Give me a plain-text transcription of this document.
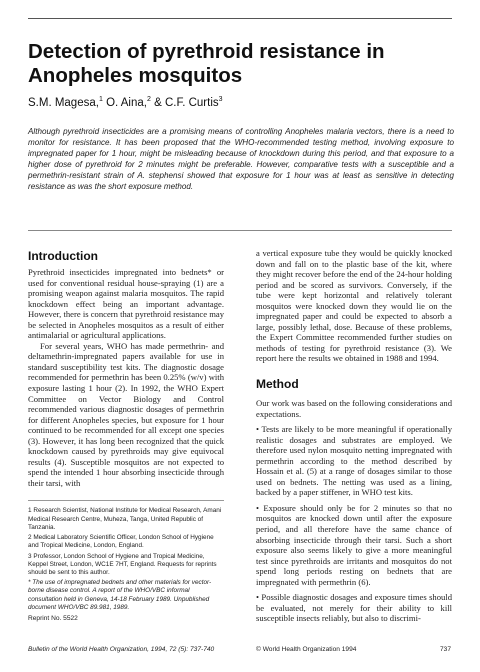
Detection of pyrethroid resistance in Anopheles mosquitos
S.M. Magesa,$^1$ O. Aina,$^2$ & C.F. Curtis$^3$
Although pyrethroid insecticides are a promising means of controlling Anopheles malaria vectors, there is a need to monitor for resistance. It has been proposed that the WHO-recommended testing method, involving exposure to impregnated paper for 1 hour, might be misleading because of knockdown during this period, and that exposure to a higher dose of pyrethroid for 2 minutes might be preferable. However, comparative tests with a susceptible and a permethrin-resistant strain of A. stephensi showed that exposure for 1 hour was at least as sensitive in detecting resistance as was the short exposure method.
Introduction

Pyrethroid insecticides impregnated into bednets* or used for conventional residual house-spraying (1) are a promising weapon against malaria mosquitos. The rapid knockdown effect being an important advantage. However, there is concern that pyrethroid resistance may be selected in Anopheles mosquitos as a result of either antimalarial or agricultural applications.

For several years, WHO has made permethrin- and deltamethrin-impregnated papers available for use in standard susceptibility test kits. The diagnostic dosage recommended for permethrin has been 0.25% (w/v) with exposure lasting 1 hour (2). In 1992, the WHO Expert Committee on Vector Biology and Control recommended various diagnostic dosages of permethrin for different Anopheles species, but exposure for 1 hour continued to be recommended for all except one species (3). However, it has long been recognized that the quick knockdown caused by pyrethroids may give equivocal results (4). Susceptible mosquitos are not expected to spend the intended 1 hour absorbing insecticide through their tarsi, with

1 Research Scientist, National Institute for Medical Research, Amani Medical Research Centre, Muheza, Tanga, United Republic of Tanzania.

2 Medical Laboratory Scientific Officer, London School of Hygiene and Tropical Medicine, London, England.

3 Professor, London School of Hygiene and Tropical Medicine, Keppel Street, London, WC1E 7HT, England. Requests for reprints should be sent to this author.

* The use of impregnated bednets and other materials for vector-borne disease control. A report of the WHO/VBC informal consultation held in Geneva, 14-18 February 1989. Unpublished document WHO/VBC 89.981, 1989.

Reprint No. 5522

a vertical exposure tube they would be quickly knocked down and fall on to the plastic base of the kit, where they might recover before the end of the 24-hour holding period and be scored as survivors. Conversely, if the tube were kept horizontal and relatively tolerant mosquitos were knocked down they would lie on the impregnated paper and could be expected to absorb a large, possibly lethal, dose. Because of these problems, the Expert Committee recommended further studies on methods of testing for pyrethroid resistance (3). We report here the results we obtained in 1988 and 1994.

Method

Our work was based on the following considerations and expectations.

• Tests are likely to be more meaningful if operationally realistic dosages and substrates are employed. We therefore used nylon mosquito netting impregnated with permethrin according to the method described by Hossain et al. (5) at a range of dosages similar to those used on bednets. The netting was used as a lining, backed by a paper stiffener, in WHO test kits.

• Exposure should only be for 2 minutes so that no mosquitos are knocked down until after the exposure period, and all therefore have the same chance of absorbing insecticide through their tarsi. Such a short exposure also seems likely to give a more meaningful test since pyrethroids are irritants and mosquitos do not spend long periods resting on bednets that are impregnated with permethrin (6).

• Possible diagnostic dosages and exposure times should be evaluated, not merely for their ability to kill susceptible insects reliably, but also to discrimi-

Bulletin of the World Health Organization, 1994, 72 (5): 737-740	© World Health Organization 1994	737
